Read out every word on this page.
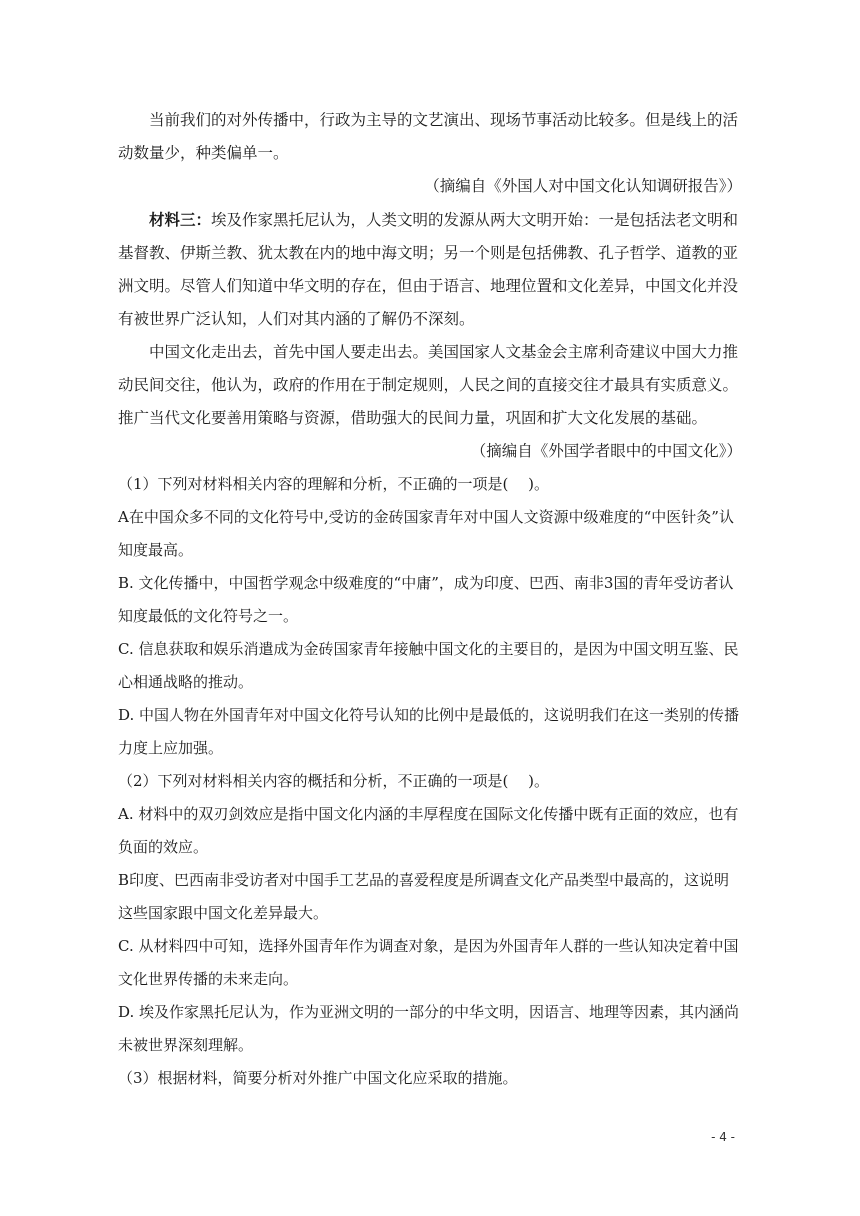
当前我们的对外传播中，行政为主导的文艺演出、现场节事活动比较多。但是线上的活动数量少，种类偏单一。

（摘编自《外国人对中国文化认知调研报告》）

材料三：埃及作家黑托尼认为，人类文明的发源从两大文明开始：一是包括法老文明和基督教、伊斯兰教、犹太教在内的地中海文明；另一个则是包括佛教、孔子哲学、道教的亚洲文明。尽管人们知道中华文明的存在，但由于语言、地理位置和文化差异，中国文化并没有被世界广泛认知，人们对其内涵的了解仍不深刻。

中国文化走出去，首先中国人要走出去。美国国家人文基金会主席利奇建议中国大力推动民间交往，他认为，政府的作用在于制定规则，人民之间的直接交往才最具有实质意义。推广当代文化要善用策略与资源，借助强大的民间力量，巩固和扩大文化发展的基础。

（摘编自《外国学者眼中的中国文化》）

（1）下列对材料相关内容的理解和分析，不正确的一项是(　 )。

A在中国众多不同的文化符号中,受访的金砖国家青年对中国人文资源中级难度的“中医针灸”认知度最高。

B. 文化传播中，中国哲学观念中级难度的“中庸”，成为印度、巴西、南非3国的青年受访者认知度最低的文化符号之一。

C. 信息获取和娱乐消遣成为金砖国家青年接触中国文化的主要目的，是因为中国文明互鉴、民心相通战略的推动。

D. 中国人物在外国青年对中国文化符号认知的比例中是最低的，这说明我们在这一类别的传播力度上应加强。

（2）下列对材料相关内容的概括和分析，不正确的一项是(　 )。

A. 材料中的双刃剑效应是指中国文化内涵的丰厚程度在国际文化传播中既有正面的效应，也有负面的效应。

B印度、巴西南非受访者对中国手工艺品的喜爱程度是所调查文化产品类型中最高的，这说明这些国家跟中国文化差异最大。

C. 从材料四中可知，选择外国青年作为调查对象，是因为外国青年人群的一些认知决定着中国文化世界传播的未来走向。

D. 埃及作家黑托尼认为，作为亚洲文明的一部分的中华文明，因语言、地理等因素，其内涵尚未被世界深刻理解。

（3）根据材料，简要分析对外推广中国文化应采取的措施。

- 4 -
